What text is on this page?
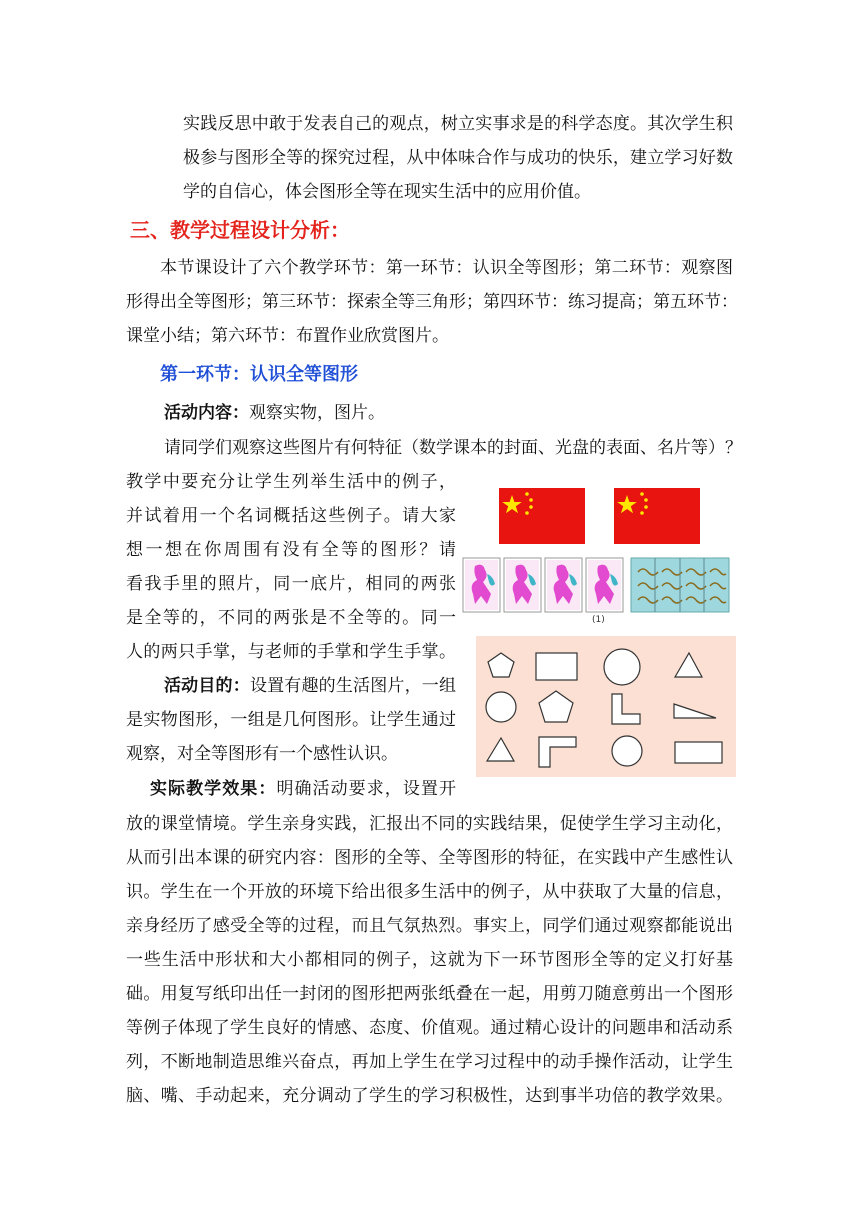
实践反思中敢于发表自己的观点，树立实事求是的科学态度。其次学生积
极参与图形全等的探究过程，从中体味合作与成功的快乐，建立学习好数
学的自信心，体会图形全等在现实生活中的应用价值。
三、教学过程设计分析：
本节课设计了六个教学环节：第一环节：认识全等图形；第二环节：观察图
形得出全等图形；第三环节：探索全等三角形；第四环节：练习提高；第五环节：
课堂小结；第六环节：布置作业欣赏图片。
第一环节：认识全等图形
活动内容：观察实物，图片。
请同学们观察这些图片有何特征（数学课本的封面、光盘的表面、名片等）？
教学中要充分让学生列举生活中的例子，
并试着用一个名词概括这些例子。请大家
想一想在你周围有没有全等的图形？请
看我手里的照片，同一底片，相同的两张
是全等的，不同的两张是不全等的。同一
人的两只手掌，与老师的手掌和学生手掌。
活动目的：设置有趣的生活图片，一组
是实物图形，一组是几何图形。让学生通过
观察，对全等图形有一个感性认识。
实际教学效果：明确活动要求，设置开
放的课堂情境。学生亲身实践，汇报出不同的实践结果，促使学生学习主动化，
从而引出本课的研究内容：图形的全等、全等图形的特征，在实践中产生感性认
识。学生在一个开放的环境下给出很多生活中的例子，从中获取了大量的信息，
亲身经历了感受全等的过程，而且气氛热烈。事实上，同学们通过观察都能说出
一些生活中形状和大小都相同的例子，这就为下一环节图形全等的定义打好基
础。用复写纸印出任一封闭的图形把两张纸叠在一起，用剪刀随意剪出一个图形
等例子体现了学生良好的情感、态度、价值观。通过精心设计的问题串和活动系
列，不断地制造思维兴奋点，再加上学生在学习过程中的动手操作活动，让学生
脑、嘴、手动起来，充分调动了学生的学习积极性，达到事半功倍的教学效果。
(1)
